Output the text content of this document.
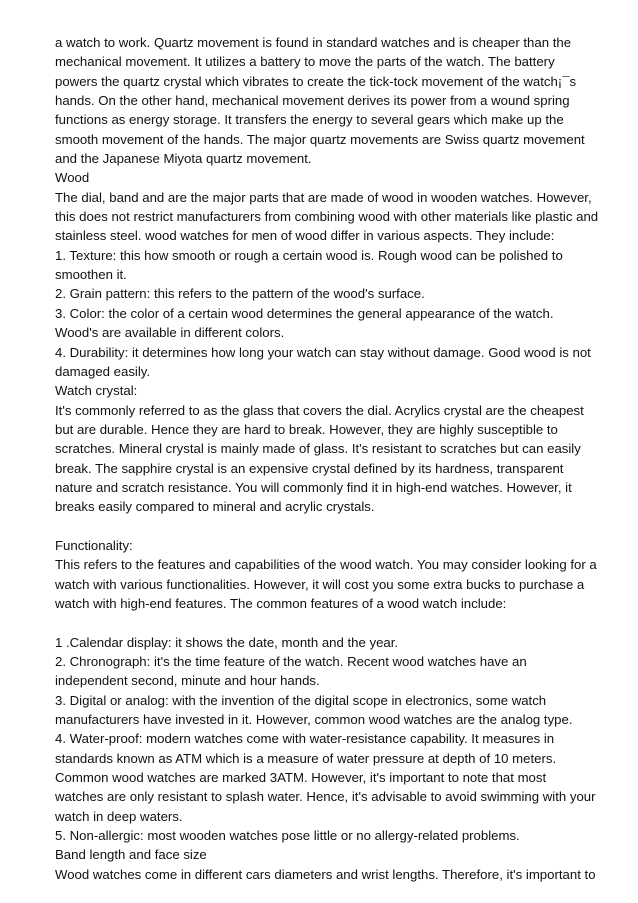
a watch to work. Quartz movement is found in standard watches and is cheaper than the
mechanical movement. It utilizes a battery to move the parts of the watch. The battery
powers the quartz crystal which vibrates to create the tick-tock movement of the watch¡¯s
hands. On the other hand, mechanical movement derives its power from a wound spring
functions as energy storage. It transfers the energy to several gears which make up the
smooth movement of the hands. The major quartz movements are Swiss quartz movement
and the Japanese Miyota quartz movement.
Wood
The dial, band and are the major parts that are made of wood in wooden watches. However,
this does not restrict manufacturers from combining wood with other materials like plastic and
stainless steel. wood watches for men of wood differ in various aspects. They include:
1. Texture: this how smooth or rough a certain wood is. Rough wood can be polished to
smoothen it.
2. Grain pattern: this refers to the pattern of the wood's surface.
3. Color: the color of a certain wood determines the general appearance of the watch.
Wood's are available in different colors.
4. Durability: it determines how long your watch can stay without damage. Good wood is not
damaged easily.
Watch crystal:
It's commonly referred to as the glass that covers the dial. Acrylics crystal are the cheapest
but are durable. Hence they are hard to break. However, they are highly susceptible to
scratches. Mineral crystal is mainly made of glass. It's resistant to scratches but can easily
break. The sapphire crystal is an expensive crystal defined by its hardness, transparent
nature and scratch resistance. You will commonly find it in high-end watches. However, it
breaks easily compared to mineral and acrylic crystals.
Functionality:
This refers to the features and capabilities of the wood watch. You may consider looking for a
watch with various functionalities. However, it will cost you some extra bucks to purchase a
watch with high-end features. The common features of a wood watch include:
1 .Calendar display: it shows the date, month and the year.
2. Chronograph: it's the time feature of the watch. Recent wood watches have an
independent second, minute and hour hands.
3. Digital or analog: with the invention of the digital scope in electronics, some watch
manufacturers have invested in it. However, common wood watches are the analog type.
4. Water-proof: modern watches come with water-resistance capability. It measures in
standards known as ATM which is a measure of water pressure at depth of 10 meters.
Common wood watches are marked 3ATM. However, it's important to note that most
watches are only resistant to splash water. Hence, it's advisable to avoid swimming with your
watch in deep waters.
5. Non-allergic: most wooden watches pose little or no allergy-related problems.
Band length and face size
Wood watches come in different cars diameters and wrist lengths. Therefore, it's important to
